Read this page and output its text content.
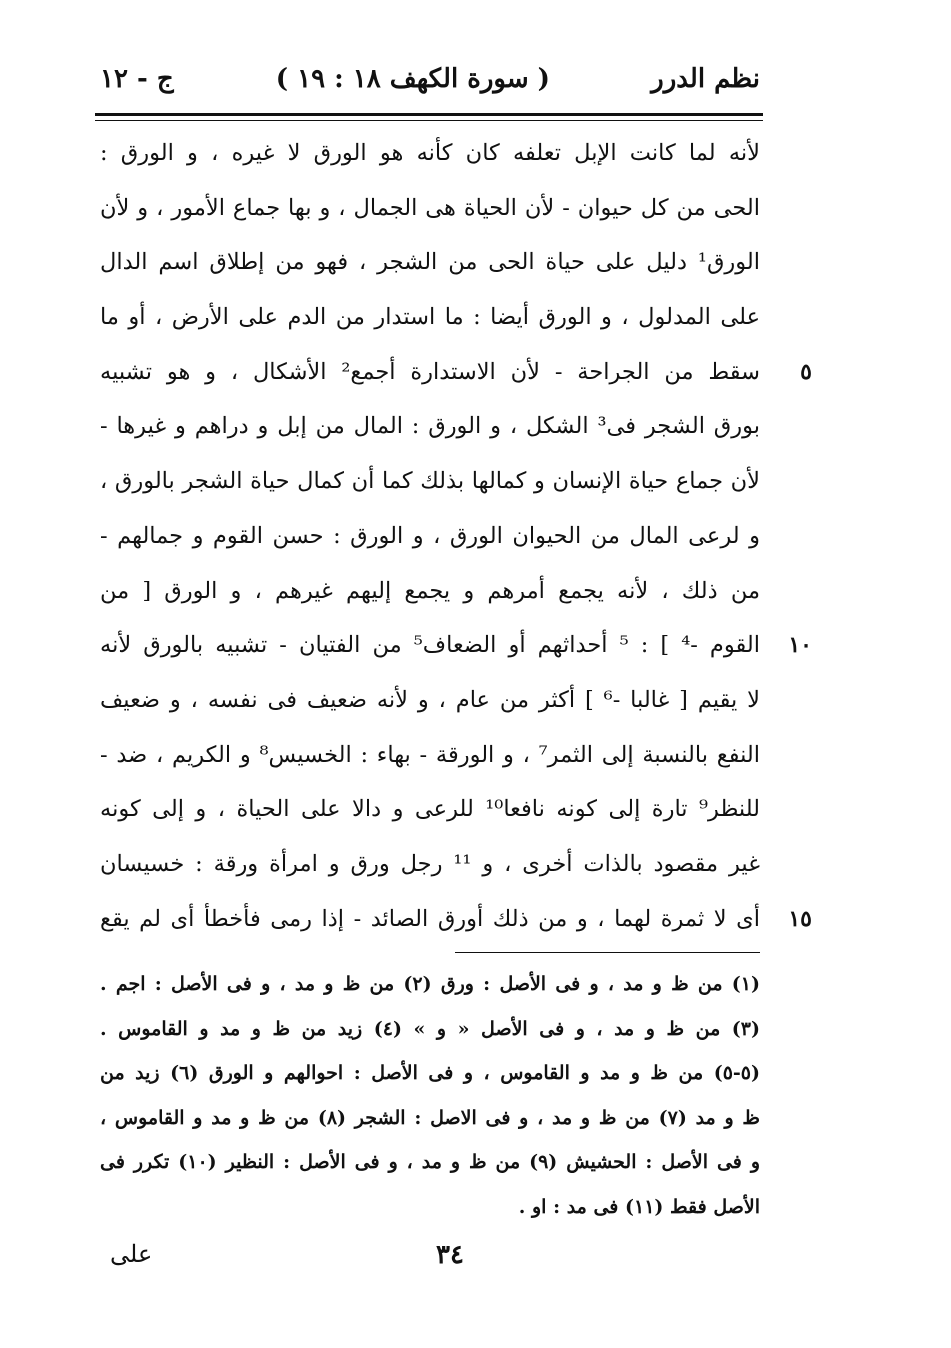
نظم الدرر
( سورة الكهف ١٨ : ١٩ )
ج - ١٢
لأنه لما كانت الإبل تعلفه كان كأنه هو الورق لا غيره ، و الورق :
الحى من كل حيوان - لأن الحياة هى الجمال ، و بها جماع الأمور ، و لأن
الورق¹ دليل على حياة الحى من الشجر ، فهو من إطلاق اسم الدال
على المدلول ، و الورق أيضا : ما استدار من الدم على الأرض ، أو ما
٥
سقط من الجراحة - لأن الاستدارة أجمع² الأشكال ، و هو تشبيه
بورق الشجر فى³ الشكل ، و الورق : المال من إبل و دراهم و غيرها -
لأن جماع حياة الإنسان و كمالها بذلك كما أن كمال حياة الشجر بالورق ،
و لرعى المال من الحيوان الورق ، و الورق : حسن القوم و جمالهم -
من ذلك ، لأنه يجمع أمرهم و يجمع إليهم غيرهم ، و الورق [ من
١٠
القوم -⁴ ] : ⁵ أحداثهم أو الضعاف⁵ من الفتيان - تشبيه بالورق لأنه
لا يقيم [ غالبا -⁶ ] أكثر من عام ، و لأنه ضعيف فى نفسه ، و ضعيف
النفع بالنسبة إلى الثمر⁷ ، و الورقة - بهاء : الخسيس⁸ و الكريم ، ضد -
للنظر⁹ تارة إلى كونه نافعا¹⁰ للرعى و دالا على الحياة ، و إلى كونه
غير مقصود بالذات أخرى ، و ¹¹ رجل ورق و امرأة ورقة : خسيسان
١٥
أى لا ثمرة لهما ، و من ذلك أورق الصائد - إذا رمى فأخطأ أى لم يقع
(١) من ظ و مد ، و فى الأصل : ورق (٢) من ظ و مد ، و فى الأصل : اجم .
(٣) من ظ و مد ، و فى الأصل « و » (٤) زيد من ظ و مد و القاموس .
(٥-٥) من ظ و مد و القاموس ، و فى الأصل : احوالهم و الورق (٦) زيد من
ظ و مد (٧) من ظ و مد ، و فى الاصل : الشجر (٨) من ظ و مد و القاموس ،
و فى الأصل : الحشيش (٩) من ظ و مد ، و فى الأصل : النظير (١٠) تكرر فى
الأصل فقط (١١) فى مد : او .
٣٤
على
